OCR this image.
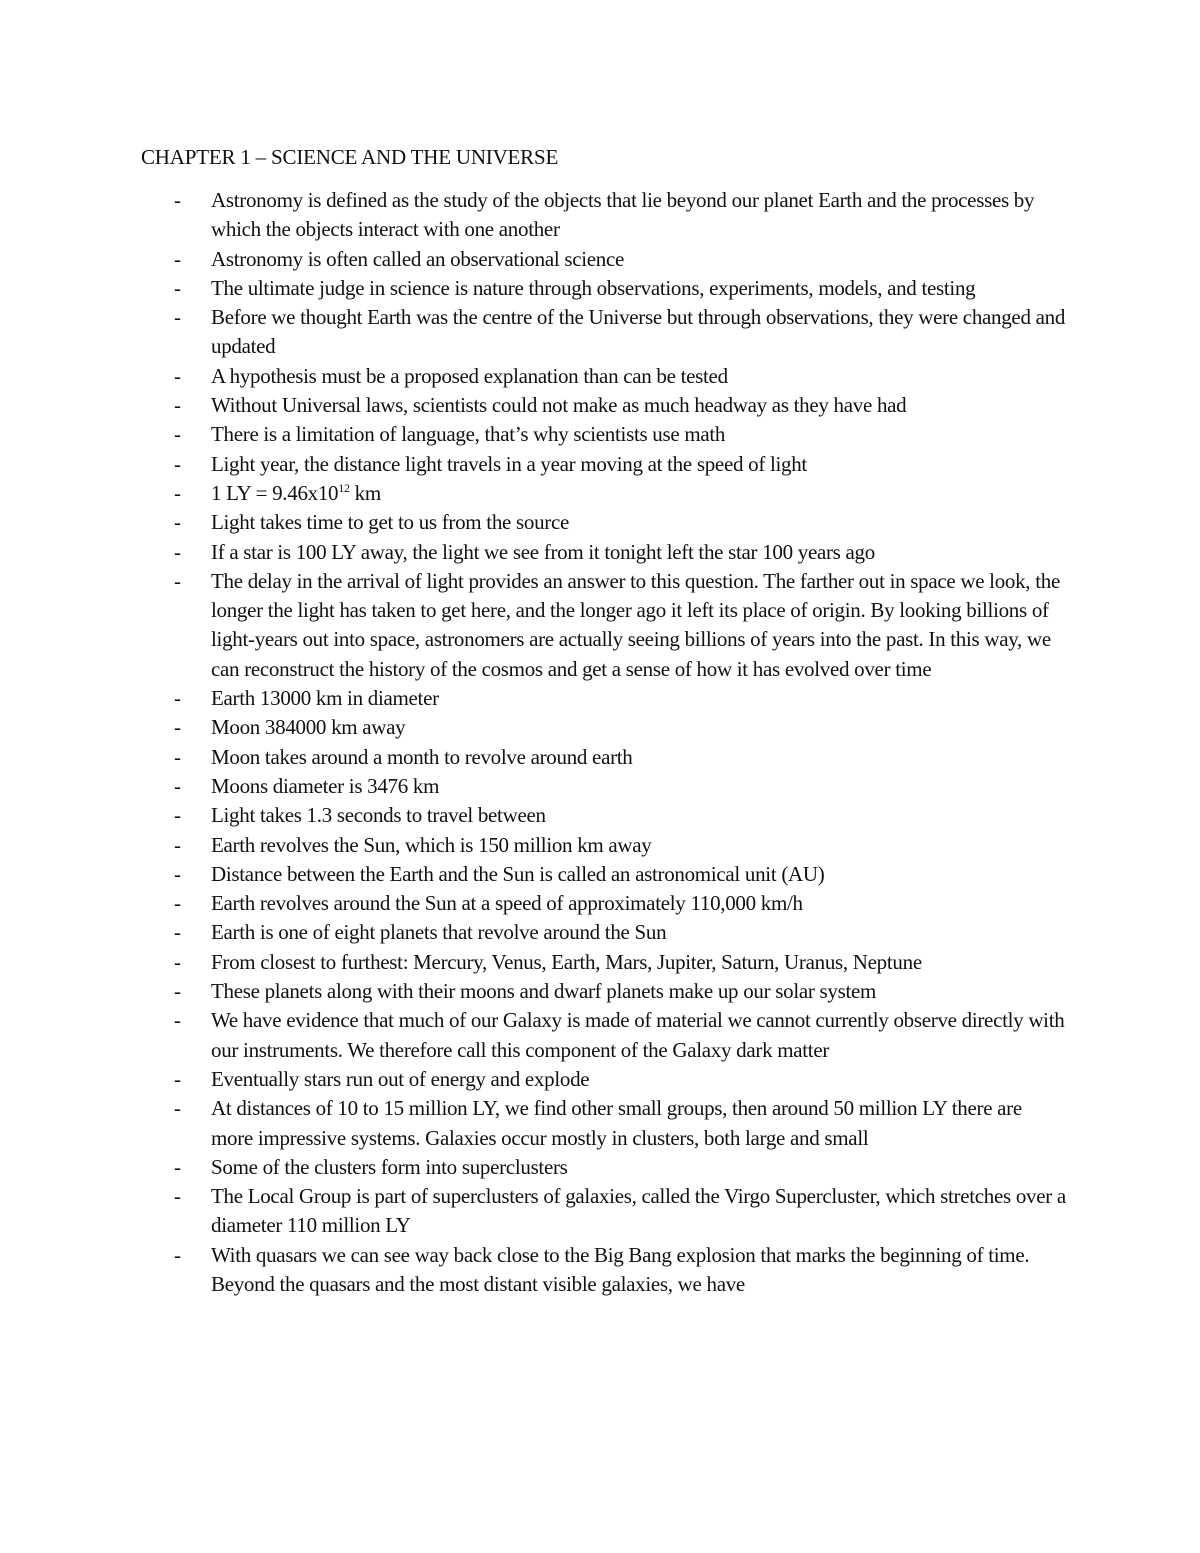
CHAPTER 1 – SCIENCE AND THE UNIVERSE
- Astronomy is defined as the study of the objects that lie beyond our planet Earth and the processes by which the objects interact with one another
- Astronomy is often called an observational science
- The ultimate judge in science is nature through observations, experiments, models, and testing
- Before we thought Earth was the centre of the Universe but through observations, they were changed and updated
- A hypothesis must be a proposed explanation than can be tested
- Without Universal laws, scientists could not make as much headway as they have had
- There is a limitation of language, that’s why scientists use math
- Light year, the distance light travels in a year moving at the speed of light
- 1 LY = $9.46x10^{12}$ km
- Light takes time to get to us from the source
- If a star is 100 LY away, the light we see from it tonight left the star 100 years ago
- The delay in the arrival of light provides an answer to this question. The farther out in space we look, the longer the light has taken to get here, and the longer ago it left its place of origin. By looking billions of light-years out into space, astronomers are actually seeing billions of years into the past. In this way, we can reconstruct the history of the cosmos and get a sense of how it has evolved over time
- Earth 13000 km in diameter
- Moon 384000 km away
- Moon takes around a month to revolve around earth
- Moons diameter is 3476 km
- Light takes 1.3 seconds to travel between
- Earth revolves the Sun, which is 150 million km away
- Distance between the Earth and the Sun is called an astronomical unit (AU)
- Earth revolves around the Sun at a speed of approximately 110,000 km/h
- Earth is one of eight planets that revolve around the Sun
- From closest to furthest: Mercury, Venus, Earth, Mars, Jupiter, Saturn, Uranus, Neptune
- These planets along with their moons and dwarf planets make up our solar system
- We have evidence that much of our Galaxy is made of material we cannot currently observe directly with our instruments. We therefore call this component of the Galaxy dark matter
- Eventually stars run out of energy and explode
- At distances of 10 to 15 million LY, we find other small groups, then around 50 million LY there are more impressive systems. Galaxies occur mostly in clusters, both large and small
- Some of the clusters form into superclusters
- The Local Group is part of superclusters of galaxies, called the Virgo Supercluster, which stretches over a diameter 110 million LY
- With quasars we can see way back close to the Big Bang explosion that marks the beginning of time. Beyond the quasars and the most distant visible galaxies, we have
